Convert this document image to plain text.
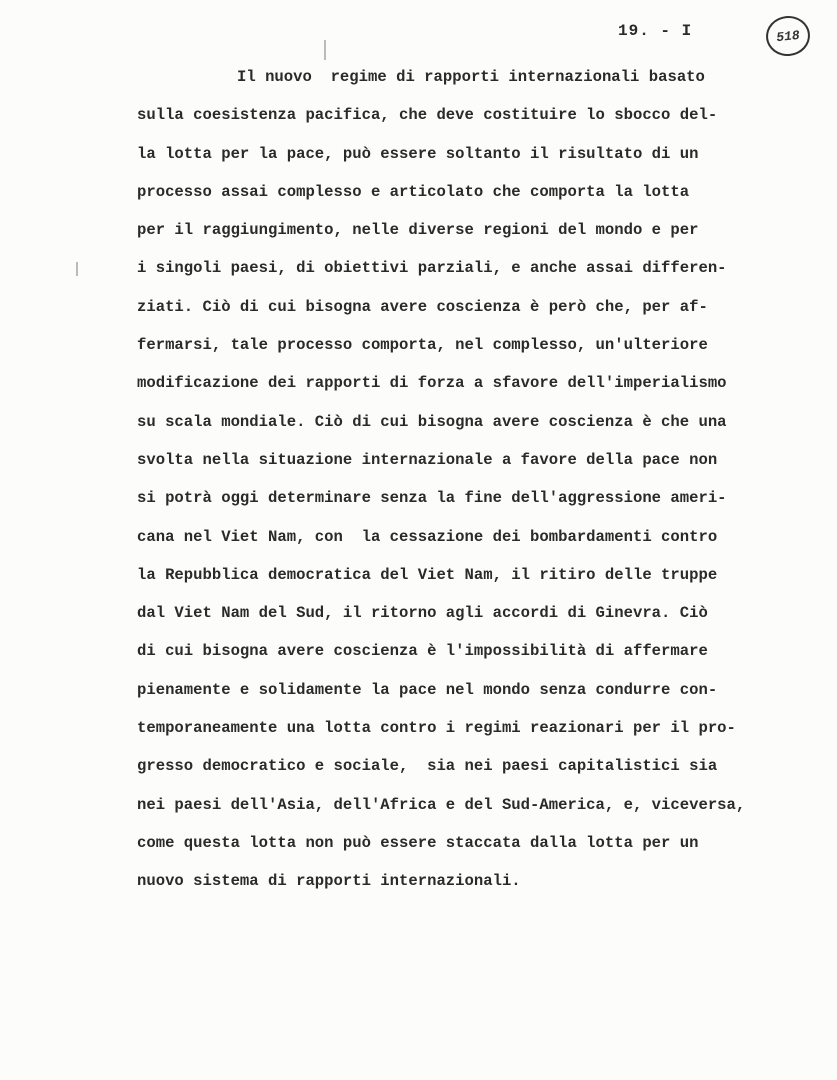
19. - I	518
Il nuovo  regime di rapporti internazionali basato
sulla coesistenza pacifica, che deve costituire lo sbocco del-
la lotta per la pace, può essere soltanto il risultato di un
processo assai complesso e articolato che comporta la lotta
per il raggiungimento, nelle diverse regioni del mondo e per
i singoli paesi, di obiettivi parziali, e anche assai differen-
ziati. Ciò di cui bisogna avere coscienza è però che, per af-
fermarsi, tale processo comporta, nel complesso, un'ulteriore
modificazione dei rapporti di forza a sfavore dell'imperialismo
su scala mondiale. Ciò di cui bisogna avere coscienza è che una
svolta nella situazione internazionale a favore della pace non
si potrà oggi determinare senza la fine dell'aggressione ameri-
cana nel Viet Nam, con  la cessazione dei bombardamenti contro
la Repubblica democratica del Viet Nam, il ritiro delle truppe
dal Viet Nam del Sud, il ritorno agli accordi di Ginevra. Ciò
di cui bisogna avere coscienza è l'impossibilità di affermare
pienamente e solidamente la pace nel mondo senza condurre con-
temporaneamente una lotta contro i regimi reazionari per il pro-
gresso democratico e sociale,  sia nei paesi capitalistici sia
nei paesi dell'Asia, dell'Africa e del Sud-America, e, viceversa,
come questa lotta non può essere staccata dalla lotta per un
nuovo sistema di rapporti internazionali.
